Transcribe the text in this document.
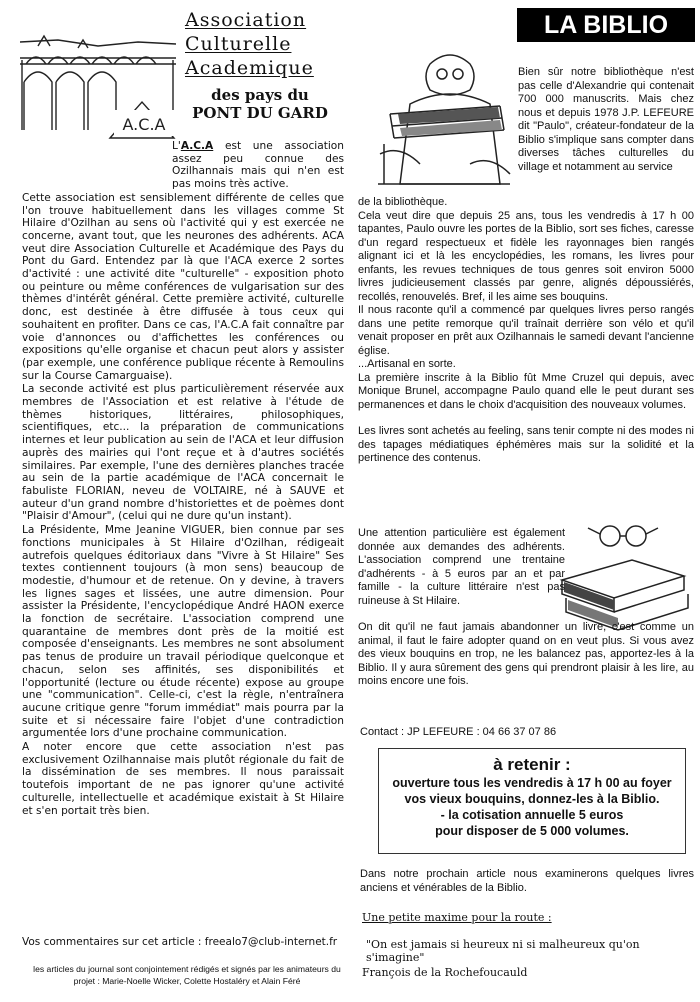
A.C.A
Association
Culturelle
Academique
des pays du PONT DU GARD

L'A.C.A est une association assez peu connue des Ozilhannais mais qui n'en est pas moins très active.

Cette association est sensiblement différente de celles que l'on trouve habituellement dans les villages comme St Hilaire d'Ozilhan au sens où l'activité qui y est exercée ne concerne, avant tout, que les neurones des adhérents. ACA veut dire Association Culturelle et Académique des Pays du Pont du Gard. Entendez par là que l'ACA exerce 2 sortes d'activité : une activité dite "culturelle" - exposition photo ou peinture ou même conférences de vulgarisation sur des thèmes d'intérêt général. Cette première activité, culturelle donc, est destinée à être diffusée à tous ceux qui souhaitent en profiter. Dans ce cas, l'A.C.A fait connaître par voie d'annonces ou d'affichettes les conférences ou expositions qu'elle organise et chacun peut alors y assister (par exemple, une conférence publique récente à Remoulins sur la Course Camarguaise).

La seconde activité est plus particulièrement réservée aux membres de l'Association et est relative à l'étude de thèmes historiques, littéraires, philosophiques, scientifiques, etc... la préparation de communications internes et leur publication au sein de l'ACA et leur diffusion auprès des mairies qui l'ont reçue et à d'autres sociétés similaires. Par exemple, l'une des dernières planches tracée au sein de la partie académique de l'ACA concernait le fabuliste FLORIAN, neveu de VOLTAIRE, né à SAUVE et auteur d'un grand nombre d'historiettes et de poèmes dont "Plaisir d'Amour", (celui qui ne dure qu'un instant).

La Présidente, Mme Jeanine VIGUER, bien connue par ses fonctions municipales à St Hilaire d'Ozilhan, rédigeait autrefois quelques éditoriaux dans "Vivre à St Hilaire" Ses textes contiennent toujours (à mon sens) beaucoup de modestie, d'humour et de retenue. On y devine, à travers les lignes sages et lissées, une autre dimension. Pour assister la Présidente, l'encyclopédique André HAON exerce la fonction de secrétaire. L'association comprend une quarantaine de membres dont près de la moitié est composée d'enseignants. Les membres ne sont absolument pas tenus de produire un travail périodique quelconque et chacun, selon ses affinités, ses disponibilités et l'opportunité (lecture ou étude récente) expose au groupe une "communication". Celle-ci, c'est la règle, n'entraînera aucune critique genre "forum immédiat" mais pourra par la suite et si nécessaire faire l'objet d'une contradiction argumentée lors d'une prochaine communication.

A noter encore que cette association n'est pas exclusivement Ozilhannaise mais plutôt régionale du fait de la dissémination de ses membres. Il nous paraissait toutefois important de ne pas ignorer qu'une activité culturelle, intellectuelle et académique existait à St Hilaire et s'en portait très bien.

Vos commentaires sur cet article : freealo7@club-internet.fr
les articles du journal sont conjointement rédigés et signés par les animateurs du projet : Marie-Noelle Wicker, Colette Hostaléry et Alain Féré
LA BIBLIO
Bien sûr notre bibliothèque n'est pas celle d'Alexandrie qui contenait 700 000 manuscrits. Mais chez nous et depuis 1978 J.P. LEFEURE dit "Paulo", créateur-fondateur de la Biblio s'implique sans compter dans diverses tâches culturelles du village et notamment au service

de la bibliothèque.

Cela veut dire que depuis 25 ans, tous les vendredis à 17 h 00 tapantes, Paulo ouvre les portes de la Biblio, sort ses fiches, caresse d'un regard respectueux et fidèle les rayonnages bien rangés alignant ici et là les encyclopédies, les romans, les livres pour enfants, les revues techniques de tous genres soit environ 5000 livres judicieusement classés par genre, alignés dépoussiérés, recollés, renouvelés. Bref, il les aime ses bouquins.

Il nous raconte qu'il a commencé par quelques livres perso rangés dans une petite remorque qu'il traînait derrière son vélo et qu'il venait proposer en prêt aux Ozilhannais le samedi devant l'ancienne église.

...Artisanal en sorte.

La première inscrite à la Biblio fût Mme Cruzel qui depuis, avec Monique Brunel, accompagne Paulo quand elle le peut durant ses permanences et dans le choix d'acquisition des nouveaux volumes.

Les livres sont achetés au feeling, sans tenir compte ni des modes ni des tapages médiatiques éphémères mais sur la solidité et la pertinence des contenus.

Une attention particulière est également donnée aux demandes des adhérents. L'association comprend une trentaine d'adhérents - à 5 euros par an et par famille - la culture littéraire n'est pas ruineuse à St Hilaire.

On dit qu'il ne faut jamais abandonner un livre, c'est comme un animal, il faut le faire adopter quand on en veut plus. Si vous avez des vieux bouquins en trop, ne les balancez pas, apportez-les à la Biblio. Il y aura sûrement des gens qui prendront plaisir à les lire, au moins encore une fois.

Contact : JP LEFEURE : 04 66 37 07 86
à retenir :
ouverture tous les vendredis à 17 h 00 au foyer
vos vieux bouquins, donnez-les à la Biblio.
- la cotisation annuelle 5 euros
pour disposer de 5 000 volumes.
Dans notre prochain article nous examinerons quelques livres anciens et vénérables de la Biblio.
Une petite maxime pour la route :
"On est jamais si heureux ni si malheureux qu'on s'imagine"
François de la Rochefoucauld
